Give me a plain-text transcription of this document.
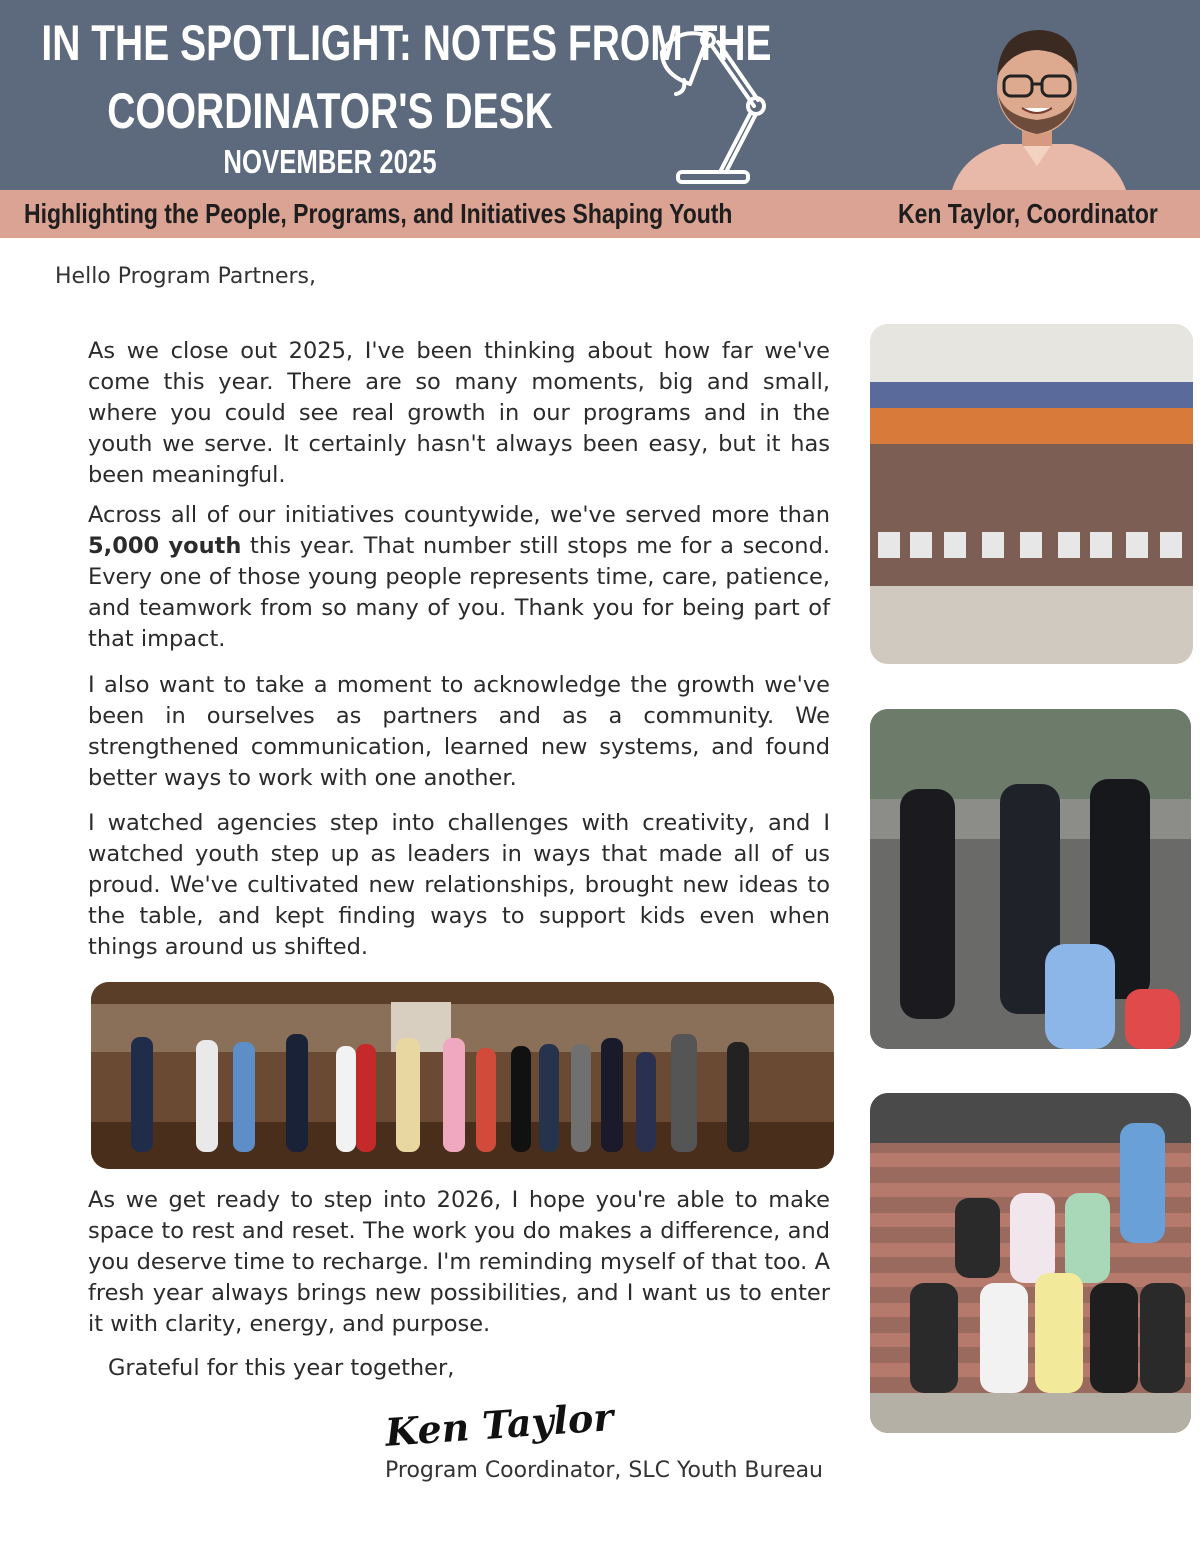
IN THE SPOTLIGHT: NOTES FROM THE
COORDINATOR'S DESK
NOVEMBER 2025
Highlighting the People, Programs, and Initiatives Shaping Youth	Ken Taylor, Coordinator
Hello Program Partners,

As we close out 2025, I've been thinking about how far we've come this year. There are so many moments, big and small, where you could see real growth in our programs and in the youth we serve. It certainly hasn't always been easy, but it has been meaningful.

Across all of our initiatives countywide, we've served more than 5,000 youth this year. That number still stops me for a second. Every one of those young people represents time, care, patience, and teamwork from so many of you. Thank you for being part of that impact.

I also want to take a moment to acknowledge the growth we've been in ourselves as partners and as a community. We strengthened communication, learned new systems, and found better ways to work with one another.

I watched agencies step into challenges with creativity, and I watched youth step up as leaders in ways that made all of us proud. We've cultivated new relationships, brought new ideas to the table, and kept finding ways to support kids even when things around us shifted.

As we get ready to step into 2026, I hope you're able to make space to rest and reset. The work you do makes a difference, and you deserve time to recharge. I'm reminding myself of that too. A fresh year always brings new possibilities, and I want us to enter it with clarity, energy, and purpose.

Grateful for this year together,
Ken Taylor
Program Coordinator, SLC Youth Bureau
